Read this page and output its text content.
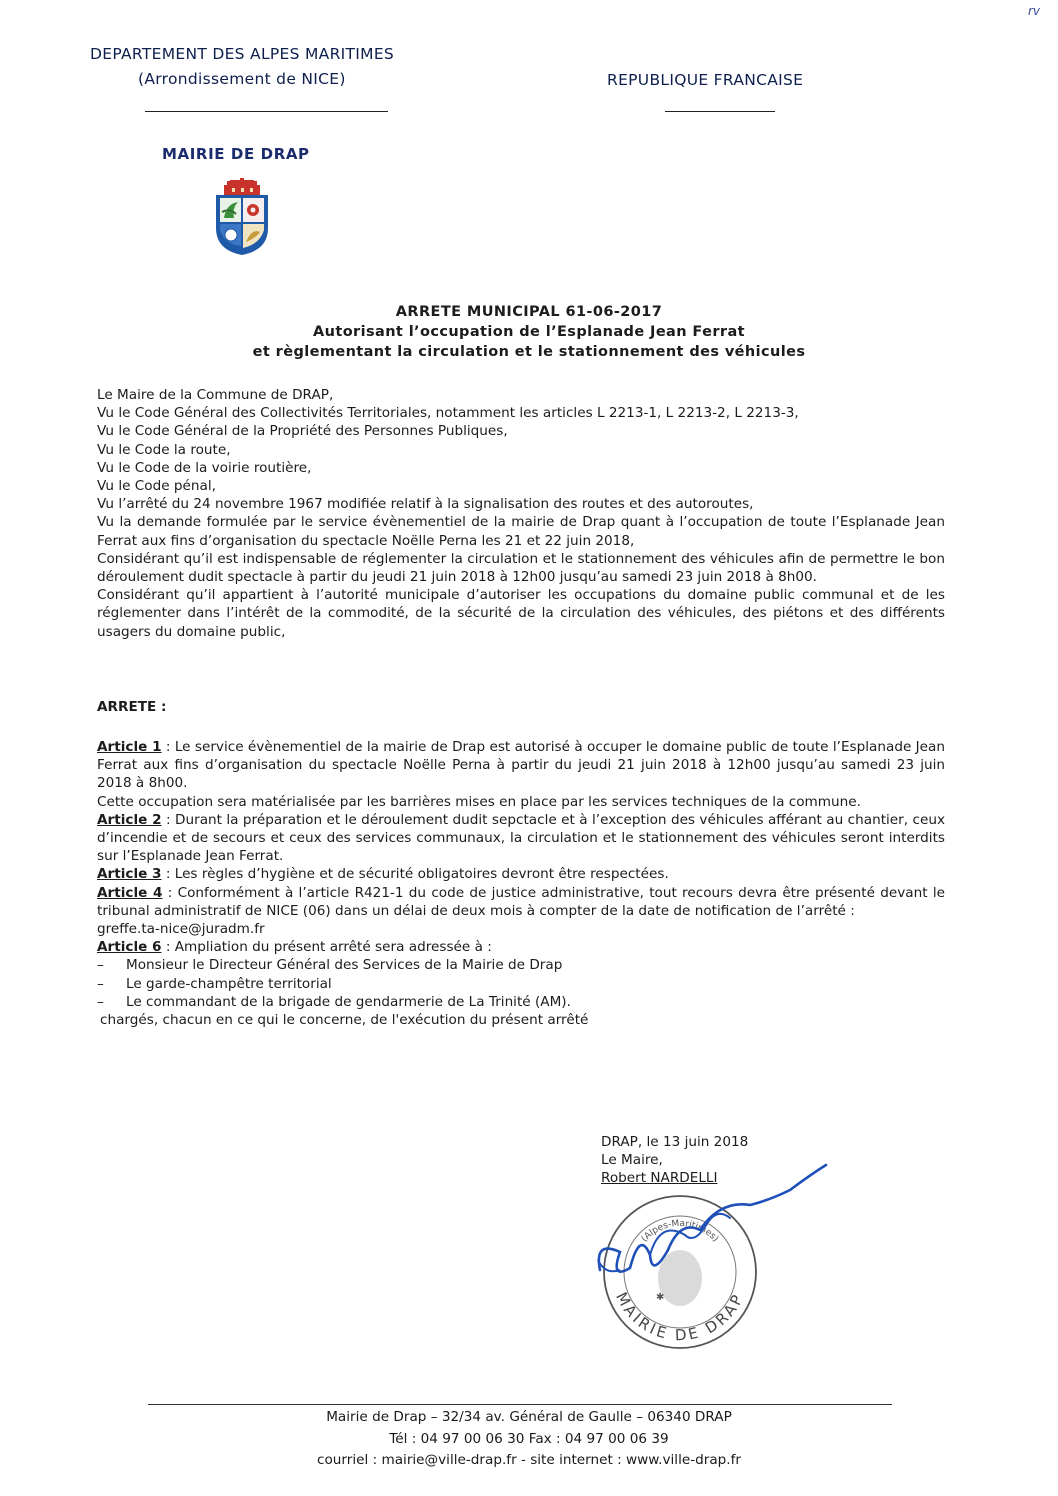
rv
DEPARTEMENT DES ALPES MARITIMES
(Arrondissement de NICE)	REPUBLIQUE FRANCAISE
MAIRIE DE DRAP
ARRETE MUNICIPAL 61-06-2017
Autorisant l’occupation de l’Esplanade Jean Ferrat
et règlementant la circulation et le stationnement des véhicules

Le Maire de la Commune de DRAP,

Vu le Code Général des Collectivités Territoriales, notamment les articles L 2213-1, L 2213-2, L 2213-3,

Vu le Code Général de la Propriété des Personnes Publiques,

Vu le Code la route,

Vu le Code de la voirie routière,

Vu le Code pénal,

Vu l’arrêté du 24 novembre 1967 modifiée relatif à la signalisation des routes et des autoroutes,

Vu la demande formulée par le service évènementiel de la mairie de Drap quant à l’occupation de toute l’Esplanade Jean Ferrat aux fins d’organisation du spectacle Noëlle Perna les 21 et 22 juin 2018,

Considérant qu’il est indispensable de réglementer la circulation et le stationnement des véhicules afin de permettre le bon déroulement dudit spectacle à partir du jeudi 21 juin 2018 à 12h00 jusqu’au samedi 23 juin 2018 à 8h00.

Considérant qu’il appartient à l’autorité municipale d’autoriser les occupations du domaine public communal et de les réglementer dans l’intérêt de la commodité, de la sécurité de la circulation des véhicules, des piétons et des différents usagers du domaine public,

ARRETE :

Article 1 : Le service évènementiel de la mairie de Drap est autorisé à occuper le domaine public de toute l’Esplanade Jean Ferrat aux fins d’organisation du spectacle Noëlle Perna à partir du jeudi 21 juin 2018 à 12h00 jusqu’au samedi 23 juin 2018 à 8h00.

Cette occupation sera matérialisée par les barrières mises en place par les services techniques de la commune.

Article 2 : Durant la préparation et le déroulement dudit sepctacle et à l’exception des véhicules afférant au chantier, ceux d’incendie et de secours et ceux des services communaux, la circulation et le stationnement des véhicules seront interdits sur l’Esplanade Jean Ferrat.

Article 3 : Les règles d’hygiène et de sécurité obligatoires devront être respectées.

Article 4 : Conformément à l’article R421-1 du code de justice administrative, tout recours devra être présenté devant le tribunal administratif de NICE (06) dans un délai de deux mois à compter de la date de notification de l’arrêté :

greffe.ta-nice@juradm.fr

Article 6 : Ampliation du présent arrêté sera adressée à :

– Monsieur le Directeur Général des Services de la Mairie de Drap
– Le garde-champêtre territorial
– Le commandant de la brigade de gendarmerie de La Trinité (AM).

chargés, chacun en ce qui le concerne, de l'exécution du présent arrêté

DRAP, le 13 juin 2018
Le Maire,
Robert NARDELLI
MAIRIE DE DRAP
(Alpes-Maritimes)
✱
Mairie de Drap – 32/34 av. Général de Gaulle – 06340 DRAP
Tél : 04 97 00 06 30 Fax : 04 97 00 06 39
courriel : mairie@ville-drap.fr - site internet : www.ville-drap.fr
